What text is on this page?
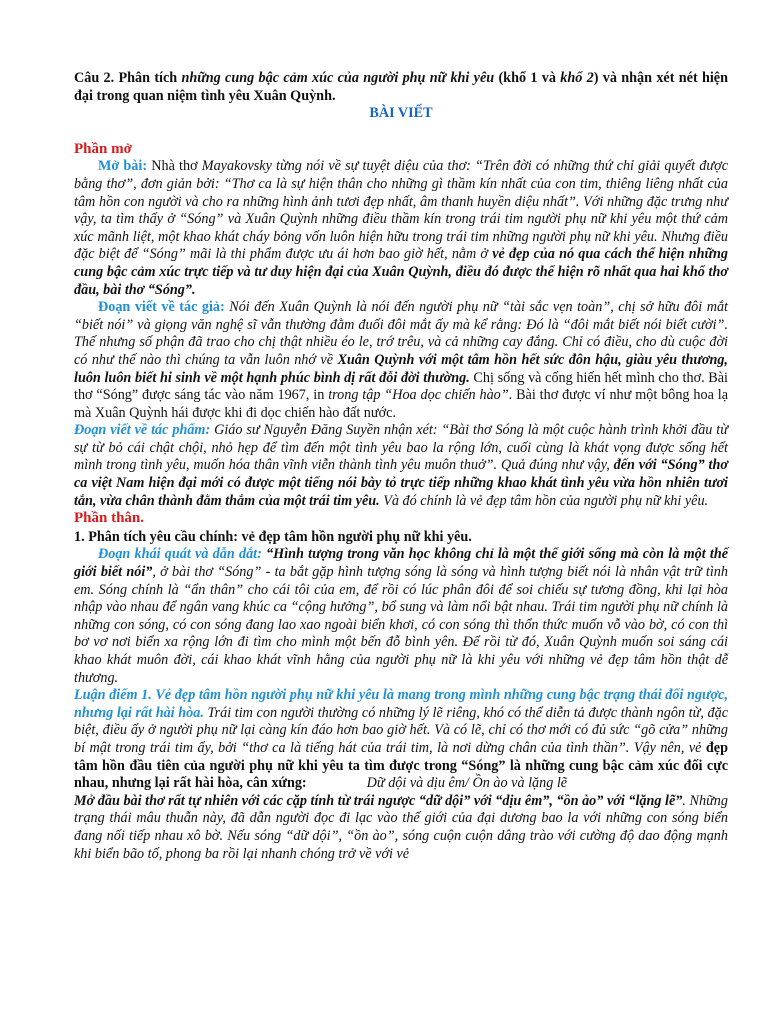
Câu 2. Phân tích những cung bậc cảm xúc của người phụ nữ khi yêu (khổ 1 và khổ 2) và nhận xét nét hiện đại trong quan niệm tình yêu Xuân Quỳnh.

BÀI VIẾT

Phần mở

Mở bài: Nhà thơ Mayakovsky từng nói về sự tuyệt diệu của thơ: “Trên đời có những thứ chỉ giải quyết được bằng thơ”, đơn giản bởi: “Thơ ca là sự hiện thân cho những gì thầm kín nhất của con tim, thiêng liêng nhất của tâm hồn con người và cho ra những hình ảnh tươi đẹp nhất, âm thanh huyền diệu nhất”. Với những đặc trưng như vậy, ta tìm thấy ở “Sóng” và Xuân Quỳnh những điều thầm kín trong trái tim người phụ nữ khi yêu một thứ cảm xúc mãnh liệt, một khao khát cháy bỏng vốn luôn hiện hữu trong trái tim những người phụ nữ khi yêu. Nhưng điều đặc biệt để “Sóng” mãi là thi phẩm được ưu ái hơn bao giờ hết, nằm ở vẻ đẹp của nó qua cách thể hiện những cung bậc cảm xúc trực tiếp và tư duy hiện đại của Xuân Quỳnh, điều đó được thể hiện rõ nhất qua hai khổ thơ đầu, bài thơ “Sóng”.

Đoạn viết về tác giả: Nói đến Xuân Quỳnh là nói đến người phụ nữ “tài sắc vẹn toàn”, chị sở hữu đôi mắt “biết nói” và giọng văn nghệ sĩ vẫn thường đằm đuối đôi mắt ấy mà kể rằng: Đó là “đôi mắt biết nói biết cười”. Thế nhưng số phận đã trao cho chị thật nhiều éo le, trớ trêu, và cả những cay đắng. Chỉ có điều, cho dù cuộc đời có như thế nào thì chúng ta vẫn luôn nhớ về Xuân Quỳnh với một tâm hồn hết sức đôn hậu, giàu yêu thương, luôn luôn biết hi sinh về một hạnh phúc bình dị rất đỗi đời thường. Chị sống và cống hiến hết mình cho thơ. Bài thơ “Sóng” được sáng tác vào năm 1967, in trong tập “Hoa dọc chiến hào”. Bài thơ được ví như một bông hoa lạ mà Xuân Quỳnh hái được khi đi dọc chiến hào đất nước.

Đoạn viết về tác phẩm: Giáo sư Nguyễn Đăng Suyền nhận xét: “Bài thơ Sóng là một cuộc hành trình khởi đầu từ sự từ bỏ cái chật chội, nhỏ hẹp để tìm đến một tình yêu bao la rộng lớn, cuối cùng là khát vọng được sống hết mình trong tình yêu, muốn hóa thân vĩnh viễn thành tình yêu muôn thuở”. Quả đúng như vậy, đến với “Sóng” thơ ca việt Nam hiện đại mới có được một tiếng nói bày tỏ trực tiếp những khao khát tình yêu vừa hồn nhiên tươi tắn, vừa chân thành đằm thắm của một trái tim yêu. Và đó chính là vẻ đẹp tâm hồn của người phụ nữ khi yêu.

Phần thân.

1. Phân tích yêu cầu chính: vẻ đẹp tâm hồn người phụ nữ khi yêu.

Đoạn khái quát và dẫn dắt: “Hình tượng trong văn học không chỉ là một thế giới sống mà còn là một thế giới biết nói”, ở bài thơ “Sóng” - ta bắt gặp hình tượng sóng là sóng và hình tượng biết nói là nhân vật trữ tình em. Sóng chính là “ẩn thân” cho cái tôi của em, để rồi có lúc phân đôi để soi chiếu sự tương đồng, khi lại hòa nhập vào nhau để ngân vang khúc ca “cộng hưởng”, bổ sung và làm nổi bật nhau. Trái tim người phụ nữ chính là những con sóng, có con sóng đang lao xao ngoài biển khơi, có con sóng thì thổn thức muốn vỗ vào bờ, có con thì bơ vơ nơi biển xa rộng lớn đi tìm cho mình một bến đỗ bình yên. Để rồi từ đó, Xuân Quỳnh muốn soi sáng cái khao khát muôn đời, cái khao khát vĩnh hằng của người phụ nữ là khi yêu với những vẻ đẹp tâm hồn thật dễ thương.

Luận điểm 1. Vẻ đẹp tâm hồn người phụ nữ khi yêu là mang trong mình những cung bậc trạng thái đối ngược, nhưng lại rất hài hòa. Trái tim con người thường có những lý lẽ riêng, khó có thể diễn tả được thành ngôn từ, đặc biệt, điều ấy ở người phụ nữ lại càng kín đáo hơn bao giờ hết. Và có lẽ, chỉ có thơ mới có đủ sức “gõ cửa” những bí mật trong trái tim ấy, bởi “thơ ca là tiếng hát của trái tim, là nơi dừng chân của tình thần”. Vậy nên, vẻ đẹp tâm hồn đầu tiên của người phụ nữ khi yêu ta tìm được trong “Sóng” là những cung bậc cảm xúc đối cực nhau, nhưng lại rất hài hòa, cân xứng:	Dữ dội và dịu êm/ Ồn ào và lặng lẽ

Mở đầu bài thơ rất tự nhiên với các cặp tính từ trái ngược “dữ dội” với “dịu êm”, “ồn ào” với “lặng lẽ”. Những trạng thái mâu thuẫn này, đã dẫn người đọc đi lạc vào thế giới của đại dương bao la với những con sóng biển đang nối tiếp nhau xô bờ. Nếu sóng “dữ dội”, “ồn ào”, sóng cuộn cuộn dâng trào với cường độ dao động mạnh khi biển bão tố, phong ba rồi lại nhanh chóng trở về với vẻ
